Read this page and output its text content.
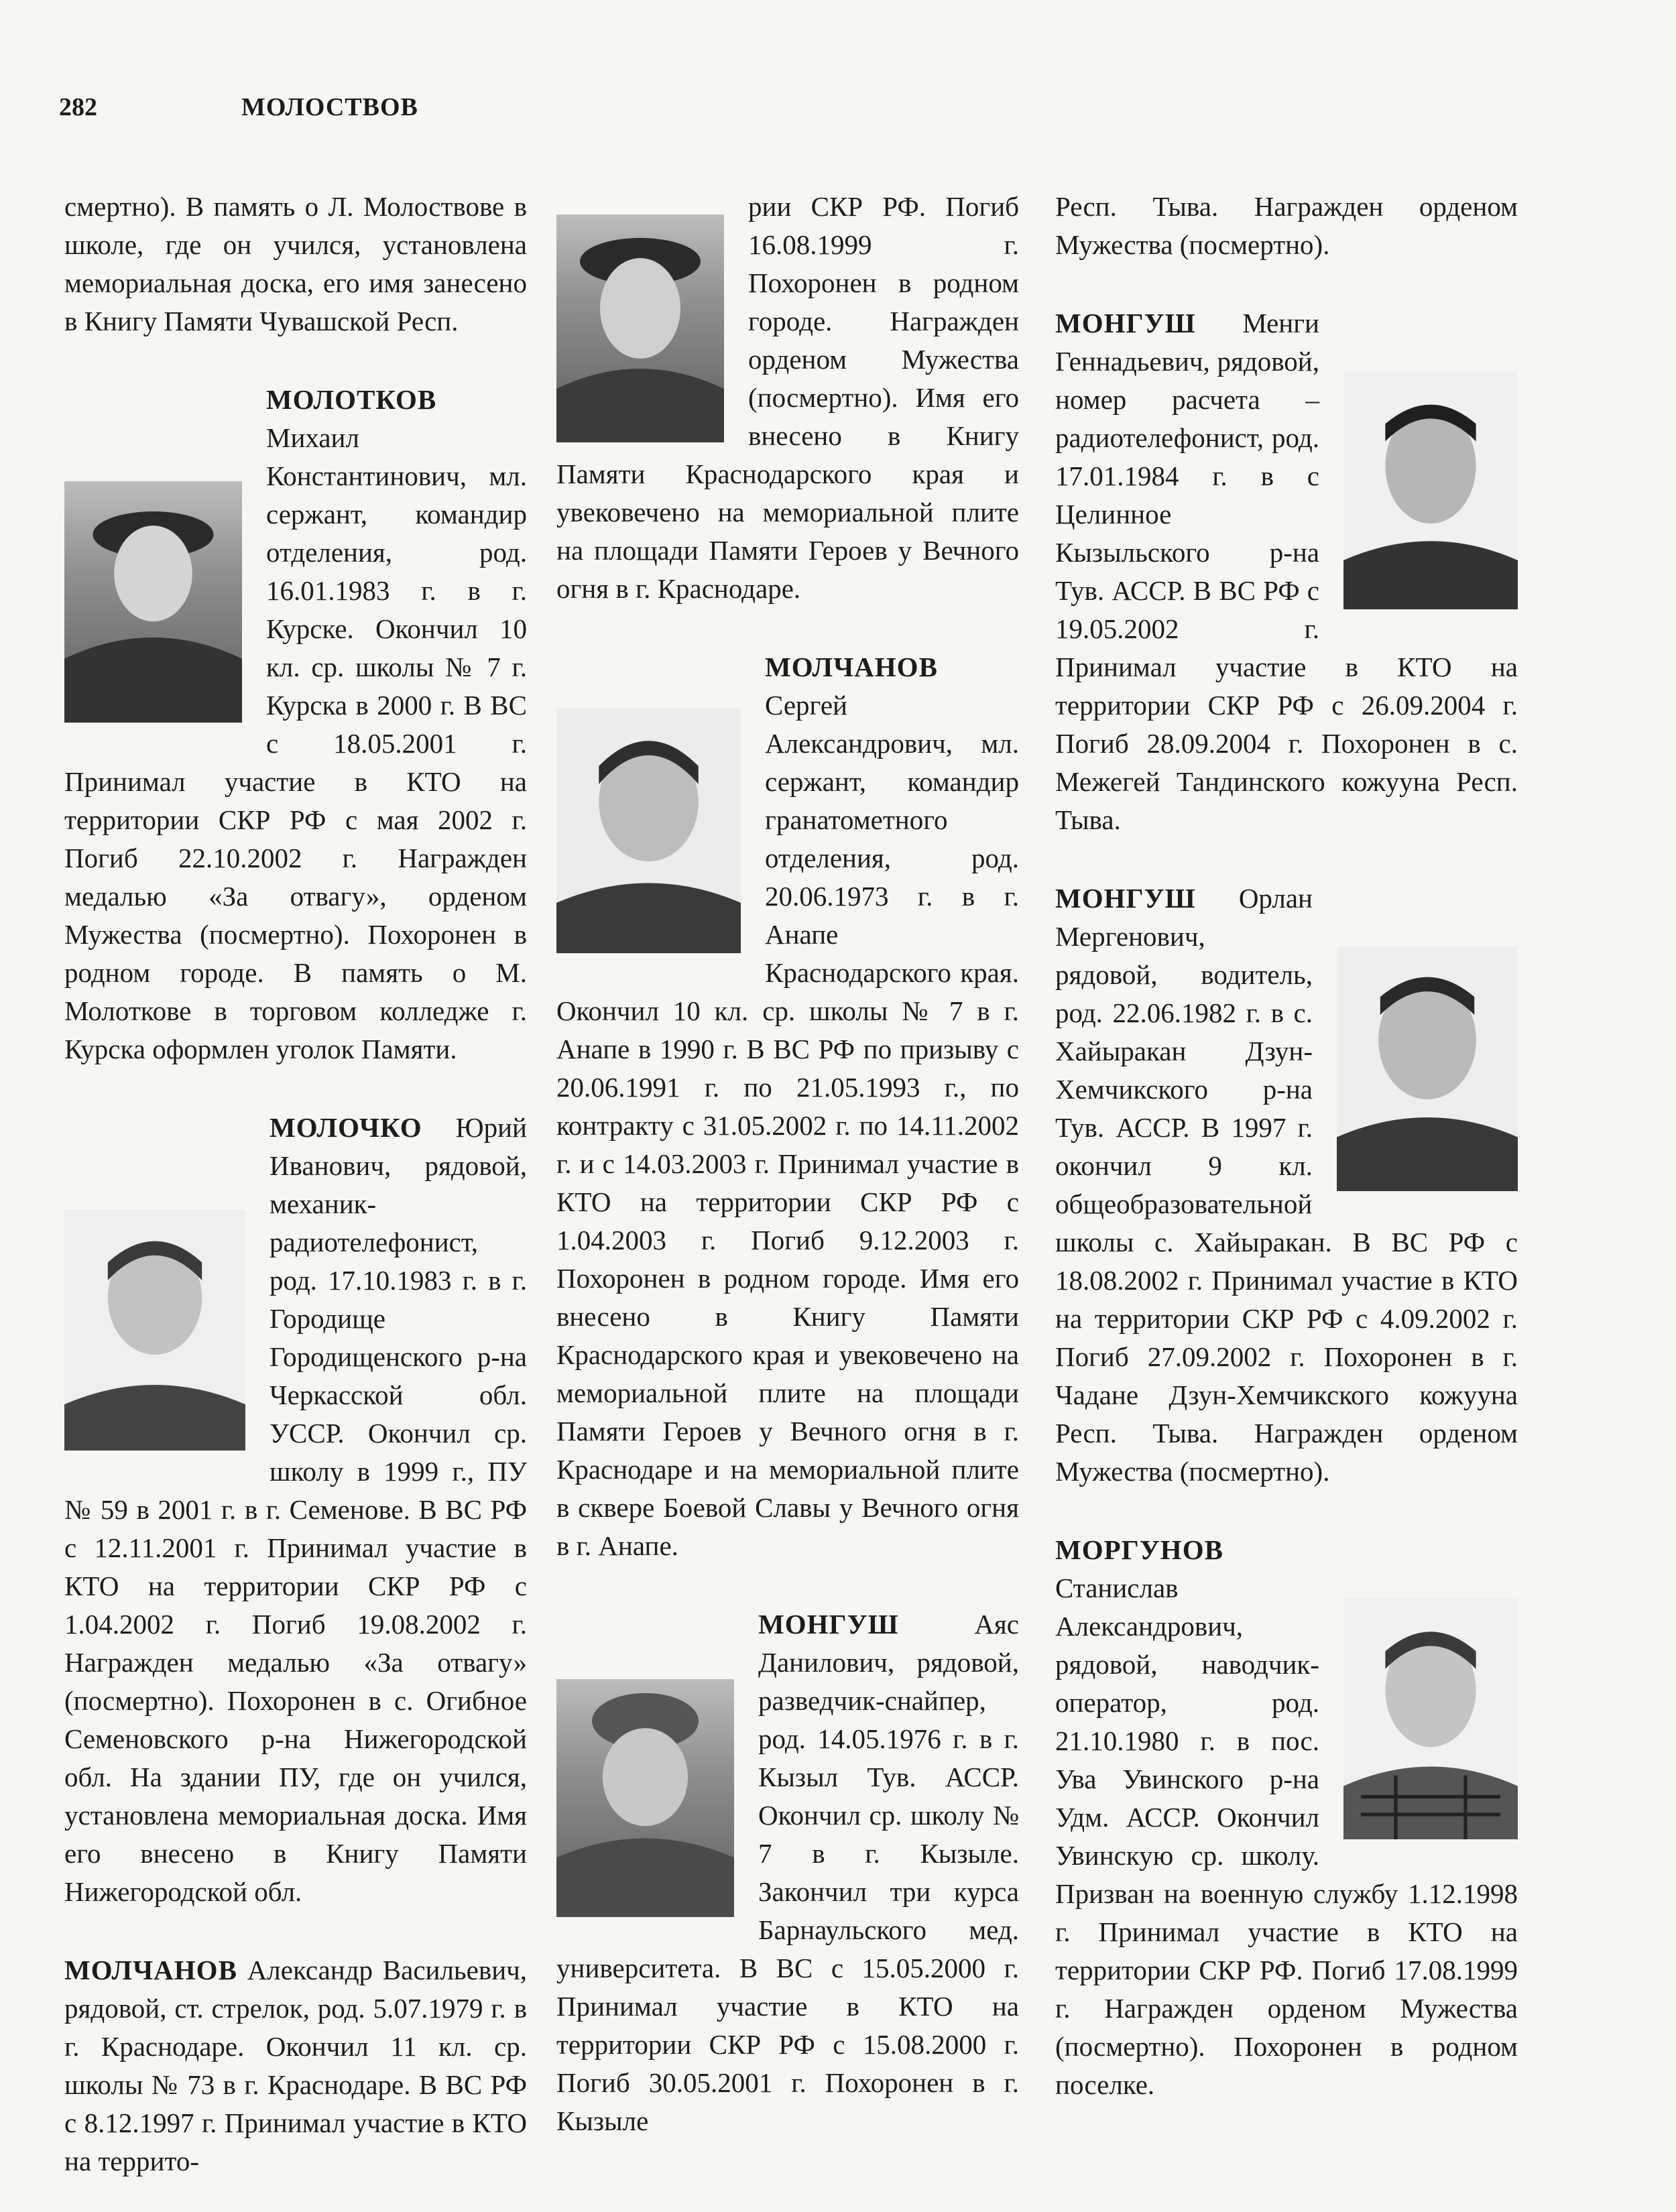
282	МОЛОСТВОВ

смертно). В память о Л. Молоствове в школе, где он учился, установлена мемориальная доска, его имя занесено в Книгу Памяти Чувашской Респ.

МОЛОТКОВ Михаил Константинович, мл. сержант, командир отделения, род. 16.01.1983 г. в г. Курске. Окончил 10 кл. ср. школы № 7 г. Курска в 2000 г. В ВС с 18.05.2001 г. Принимал участие в КТО на территории СКР РФ с мая 2002 г. Погиб 22.10.2002 г. Награжден медалью «За отвагу», орденом Мужества (посмертно). Похоронен в родном городе. В память о М. Молоткове в торговом колледже г. Курска оформлен уголок Памяти.

МОЛОЧКО Юрий Иванович, рядовой, механик-радиотелефонист, род. 17.10.1983 г. в г. Городище Городищенского р-на Черкасской обл. УССР. Окончил ср. школу в 1999 г., ПУ № 59 в 2001 г. в г. Семенове. В ВС РФ с 12.11.2001 г. Принимал участие в КТО на территории СКР РФ с 1.04.2002 г. Погиб 19.08.2002 г. Награжден медалью «За отвагу» (посмертно). Похоронен в с. Огибное Семеновского р-на Нижегородской обл. На здании ПУ, где он учился, установлена мемориальная доска. Имя его внесено в Книгу Памяти Нижегородской обл.

МОЛЧАНОВ Александр Васильевич, рядовой, ст. стрелок, род. 5.07.1979 г. в г. Краснодаре. Окончил 11 кл. ср. школы № 73 в г. Краснодаре. В ВС РФ с 8.12.1997 г. Принимал участие в КТО на террито-

рии СКР РФ. Погиб 16.08.1999 г. Похоронен в родном городе. Награжден орденом Мужества (посмертно). Имя его внесено в Книгу Памяти Краснодарского края и увековечено на мемориальной плите на площади Памяти Героев у Вечного огня в г. Краснодаре.

МОЛЧАНОВ Сергей Александрович, мл. сержант, командир гранатометного отделения, род. 20.06.1973 г. в г. Анапе Краснодарского края. Окончил 10 кл. ср. школы № 7 в г. Анапе в 1990 г. В ВС РФ по призыву с 20.06.1991 г. по 21.05.1993 г., по контракту с 31.05.2002 г. по 14.11.2002 г. и с 14.03.2003 г. Принимал участие в КТО на территории СКР РФ с 1.04.2003 г. Погиб 9.12.2003 г. Похоронен в родном городе. Имя его внесено в Книгу Памяти Краснодарского края и увековечено на мемориальной плите на площади Памяти Героев у Вечного огня в г. Краснодаре и на мемориальной плите в сквере Боевой Славы у Вечного огня в г. Анапе.

МОНГУШ	Аяс Данилович, рядовой, разведчик-снайпер, род. 14.05.1976 г. в г. Кызыл Тув. АССР. Окончил ср. школу № 7 в г. Кызыле. Закончил три курса Барнаульского мед. университета. В ВС с 15.05.2000 г. Принимал участие в КТО на территории СКР РФ с 15.08.2000 г. Погиб 30.05.2001 г. Похоронен в г. Кызыле

Респ. Тыва. Награжден орденом Мужества (посмертно).

МОНГУШ Менги Геннадьевич, рядовой, номер расчета – радиотелефонист, род. 17.01.1984 г. в с Целинное Кызыльского р-на Тув. АССР. В ВС РФ с 19.05.2002 г. Принимал участие в КТО на территории СКР РФ с 26.09.2004 г. Погиб 28.09.2004 г. Похоронен в с. Межегей Тандинского кожууна Респ. Тыва.

МОНГУШ Орлан Мергенович, рядовой, водитель, род. 22.06.1982 г. в с. Хайыракан Дзун-Хемчикского р-на Тув. АССР. В 1997 г. окончил 9 кл. общеобразовательной школы с. Хайыракан. В ВС РФ с 18.08.2002 г. Принимал участие в КТО на территории СКР РФ с 4.09.2002 г. Погиб 27.09.2002 г. Похоронен в г. Чадане Дзун-Хемчикского кожууна Респ. Тыва. Награжден орденом Мужества (посмертно).

МОРГУНОВ Станислав Александрович, рядовой, наводчик-оператор, род. 21.10.1980 г. в пос. Ува Увинского р-на Удм. АССР. Окончил Увинскую ср. школу. Призван на военную службу 1.12.1998 г. Принимал участие в КТО на территории СКР РФ. Погиб 17.08.1999 г. Награжден орденом Мужества (посмертно). Похоронен в родном поселке.
